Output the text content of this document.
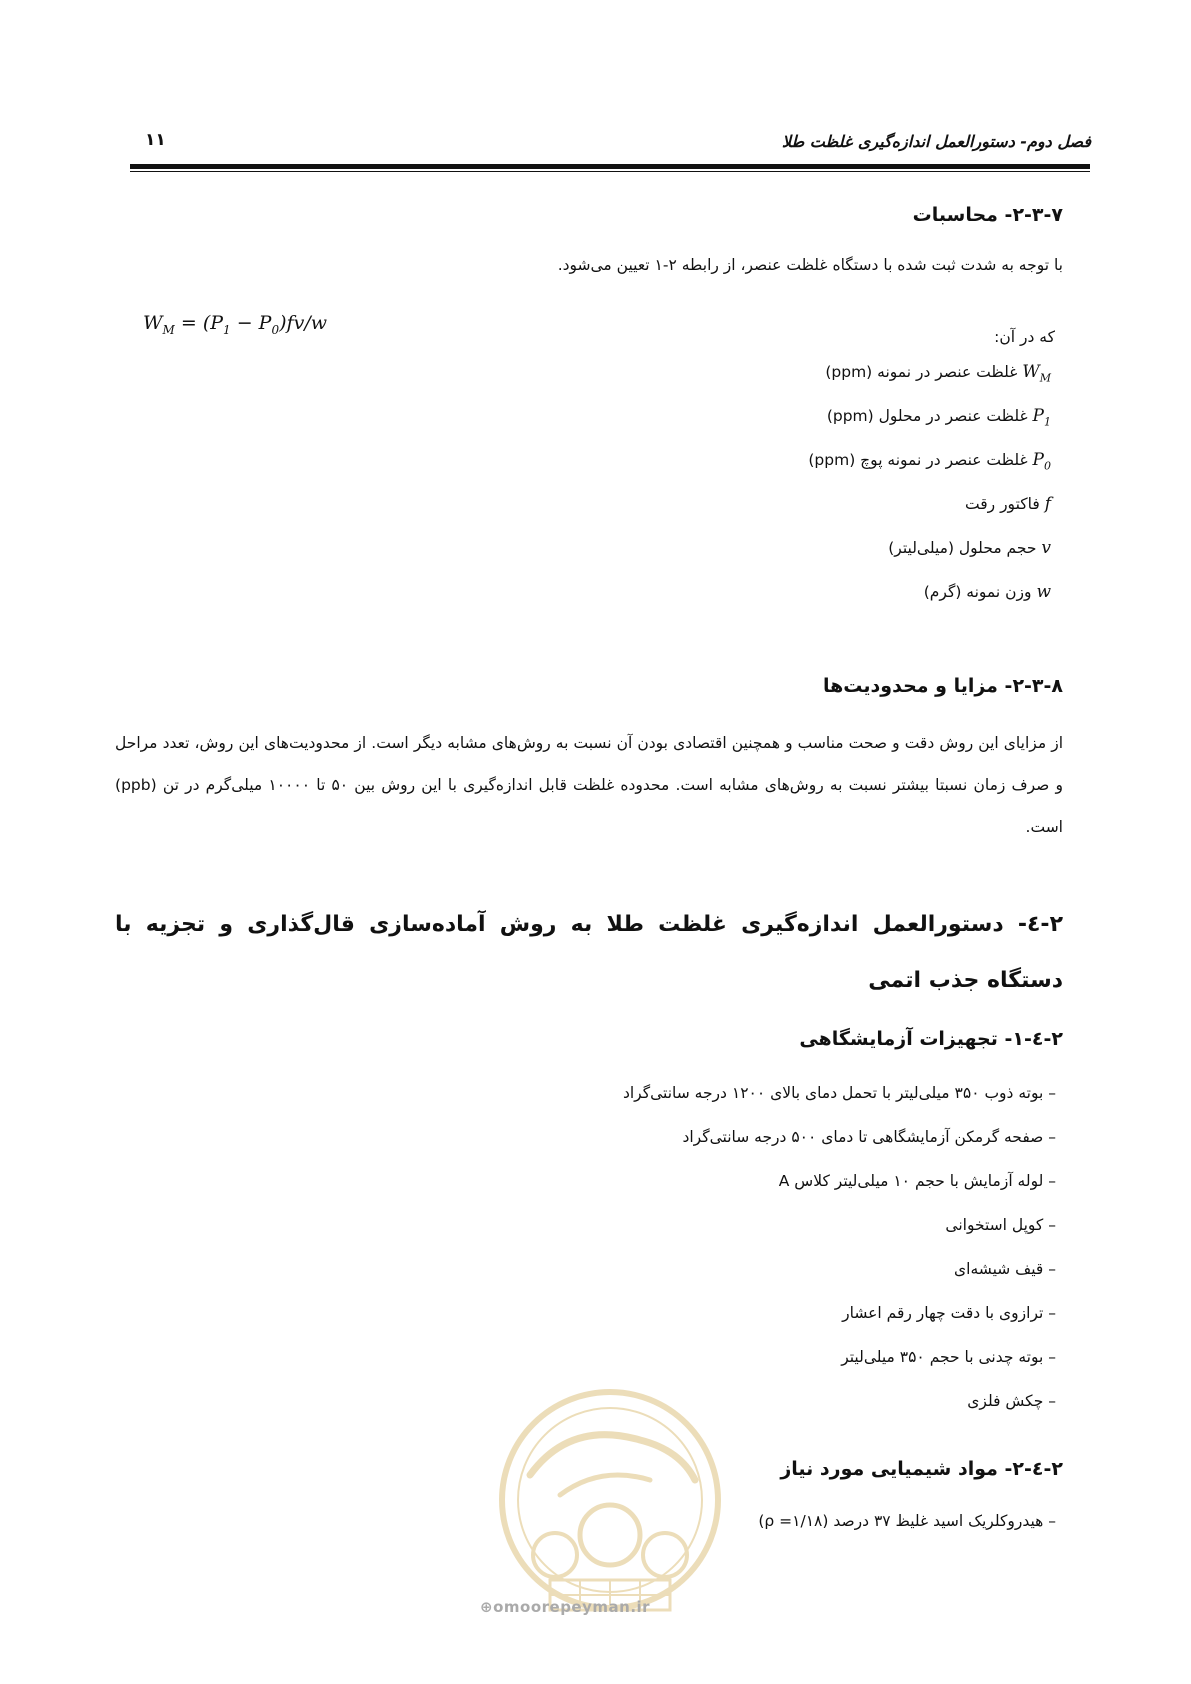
فصل دوم- دستورالعمل اندازه‌گیری غلظت طلا
۱۱
۲-۳-۷- محاسبات
با توجه به شدت ثبت شده با دستگاه غلظت عنصر، از رابطه ۲-۱ تعیین می‌شود.
$W_M = (P_1 - P_0)fv/w$
که در آن:
$W_M$ غلظت عنصر در نمونه (ppm)
$P_1$ غلظت عنصر در محلول (ppm)
$P_0$ غلظت عنصر در نمونه پوچ (ppm)
f فاکتور رقت
v حجم محلول (میلی‌لیتر)
w وزن نمونه (گرم)
۲-۳-۸- مزایا و محدودیت‌ها
از مزایای این روش دقت و صحت مناسب و همچنین اقتصادی بودن آن نسبت به روش‌های مشابه دیگر است. از محدودیت‌های این روش، تعدد مراحل و صرف زمان نسبتا بیشتر نسبت به روش‌های مشابه است. محدوده غلظت قابل اندازه‌گیری با این روش بین ۵۰ تا ۱۰۰۰۰ میلی‌گرم در تن (ppb) است.
۲-٤- دستورالعمل اندازه‌گیری غلظت طلا به روش آماده‌سازی قال‌گذاری و تجزیه با دستگاه جذب اتمی
۲-٤-۱- تجهیزات آزمایشگاهی
– بوته ذوب ۳۵۰ میلی‌لیتر با تحمل دمای بالای ۱۲۰۰ درجه سانتی‌گراد
– صفحه گرمکن آزمایشگاهی تا دمای ۵۰۰ درجه سانتی‌گراد
– لوله آزمایش با حجم ۱۰ میلی‌لیتر کلاس A
– کوپل استخوانی
– قیف شیشه‌ای
– ترازوی با دقت چهار رقم اعشار
– بوته چدنی با حجم ۳۵۰ میلی‌لیتر
– چکش فلزی
۲-٤-۲- مواد شیمیایی مورد نیاز
– هیدروکلریک اسید غلیظ ۳۷ درصد (ρ =۱/۱۸)
⊕omoorepeyman.ir
